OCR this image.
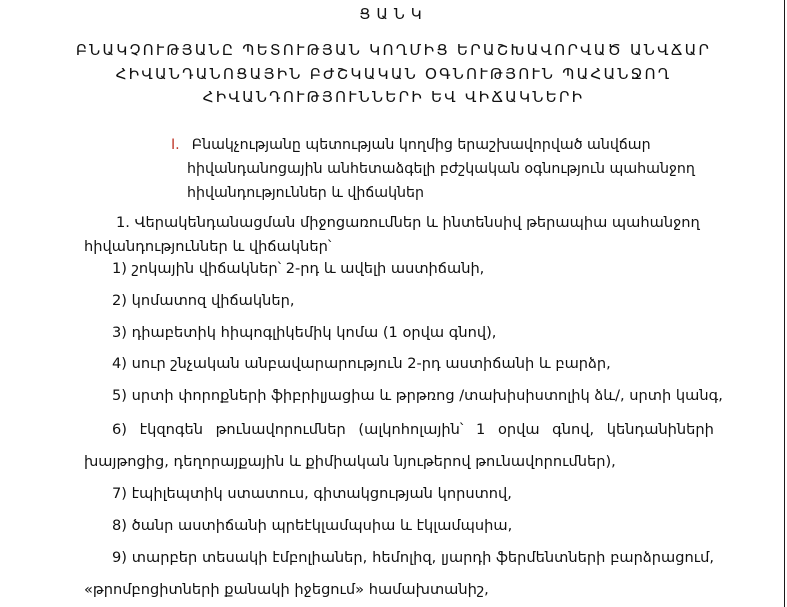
ՑԱՆԿ
ԲՆԱԿՉՈՒԹՅԱՆԸ ՊԵՏՈՒԹՅԱՆ ԿՈՂՄԻՑ ԵՐԱՇԽԱՎՈՐՎԱԾ ԱՆՎՃԱՐ
ՀԻՎԱՆԴԱՆՈՑԱՅԻՆ ԲԺՇԿԱԿԱՆ ՕԳՆՈՒԹՅՈՒՆ ՊԱՀԱՆՋՈՂ
ՀԻՎԱՆԴՈՒԹՅՈՒՆՆԵՐԻ ԵՎ ՎԻՃԱԿՆԵՐԻ
I. Բնակչությանը պետության կողմից երաշխավորված անվճար
հիվանդանոցային անհետաձգելի բժշկական օգնություն պահանջող
հիվանդություններ և վիճակներ
1. Վերակենդանացման միջոցառումներ և ինտենսիվ թերապիա պահանջող
հիվանդություններ և վիճակներ՝
1) շոկային վիճակներ՝ 2-րդ և ավելի աստիճանի,
2) կոմատոզ վիճակներ,
3) դիաբետիկ հիպոգլիկեմիկ կոմա (1 օրվա գնով),
4) սուր շնչական անբավարարություն 2-րդ աստիճանի և բարձր,
5) սրտի փորոքների ֆիբրիլյացիա և թրթռոց /տախիսիստոլիկ ձև/, սրտի կանգ,
6) էկզոգեն թունավորումներ (ալկոհոլային՝ 1 օրվա գնով, կենդանիների
խայթոցից, դեղորայքային և քիմիական նյութերով թունավորումներ),
7) էպիլեպտիկ ստատուս, գիտակցության կորստով,
8) ծանր աստիճանի պրեէկլամպսիա և էկլամպսիա,
9) տարբեր տեսակի էմբոլիաներ, հեմոլիզ, լյարդի ֆերմենտների բարձրացում,
«թրոմբոցիտների քանակի իջեցում» համախտանիշ,
